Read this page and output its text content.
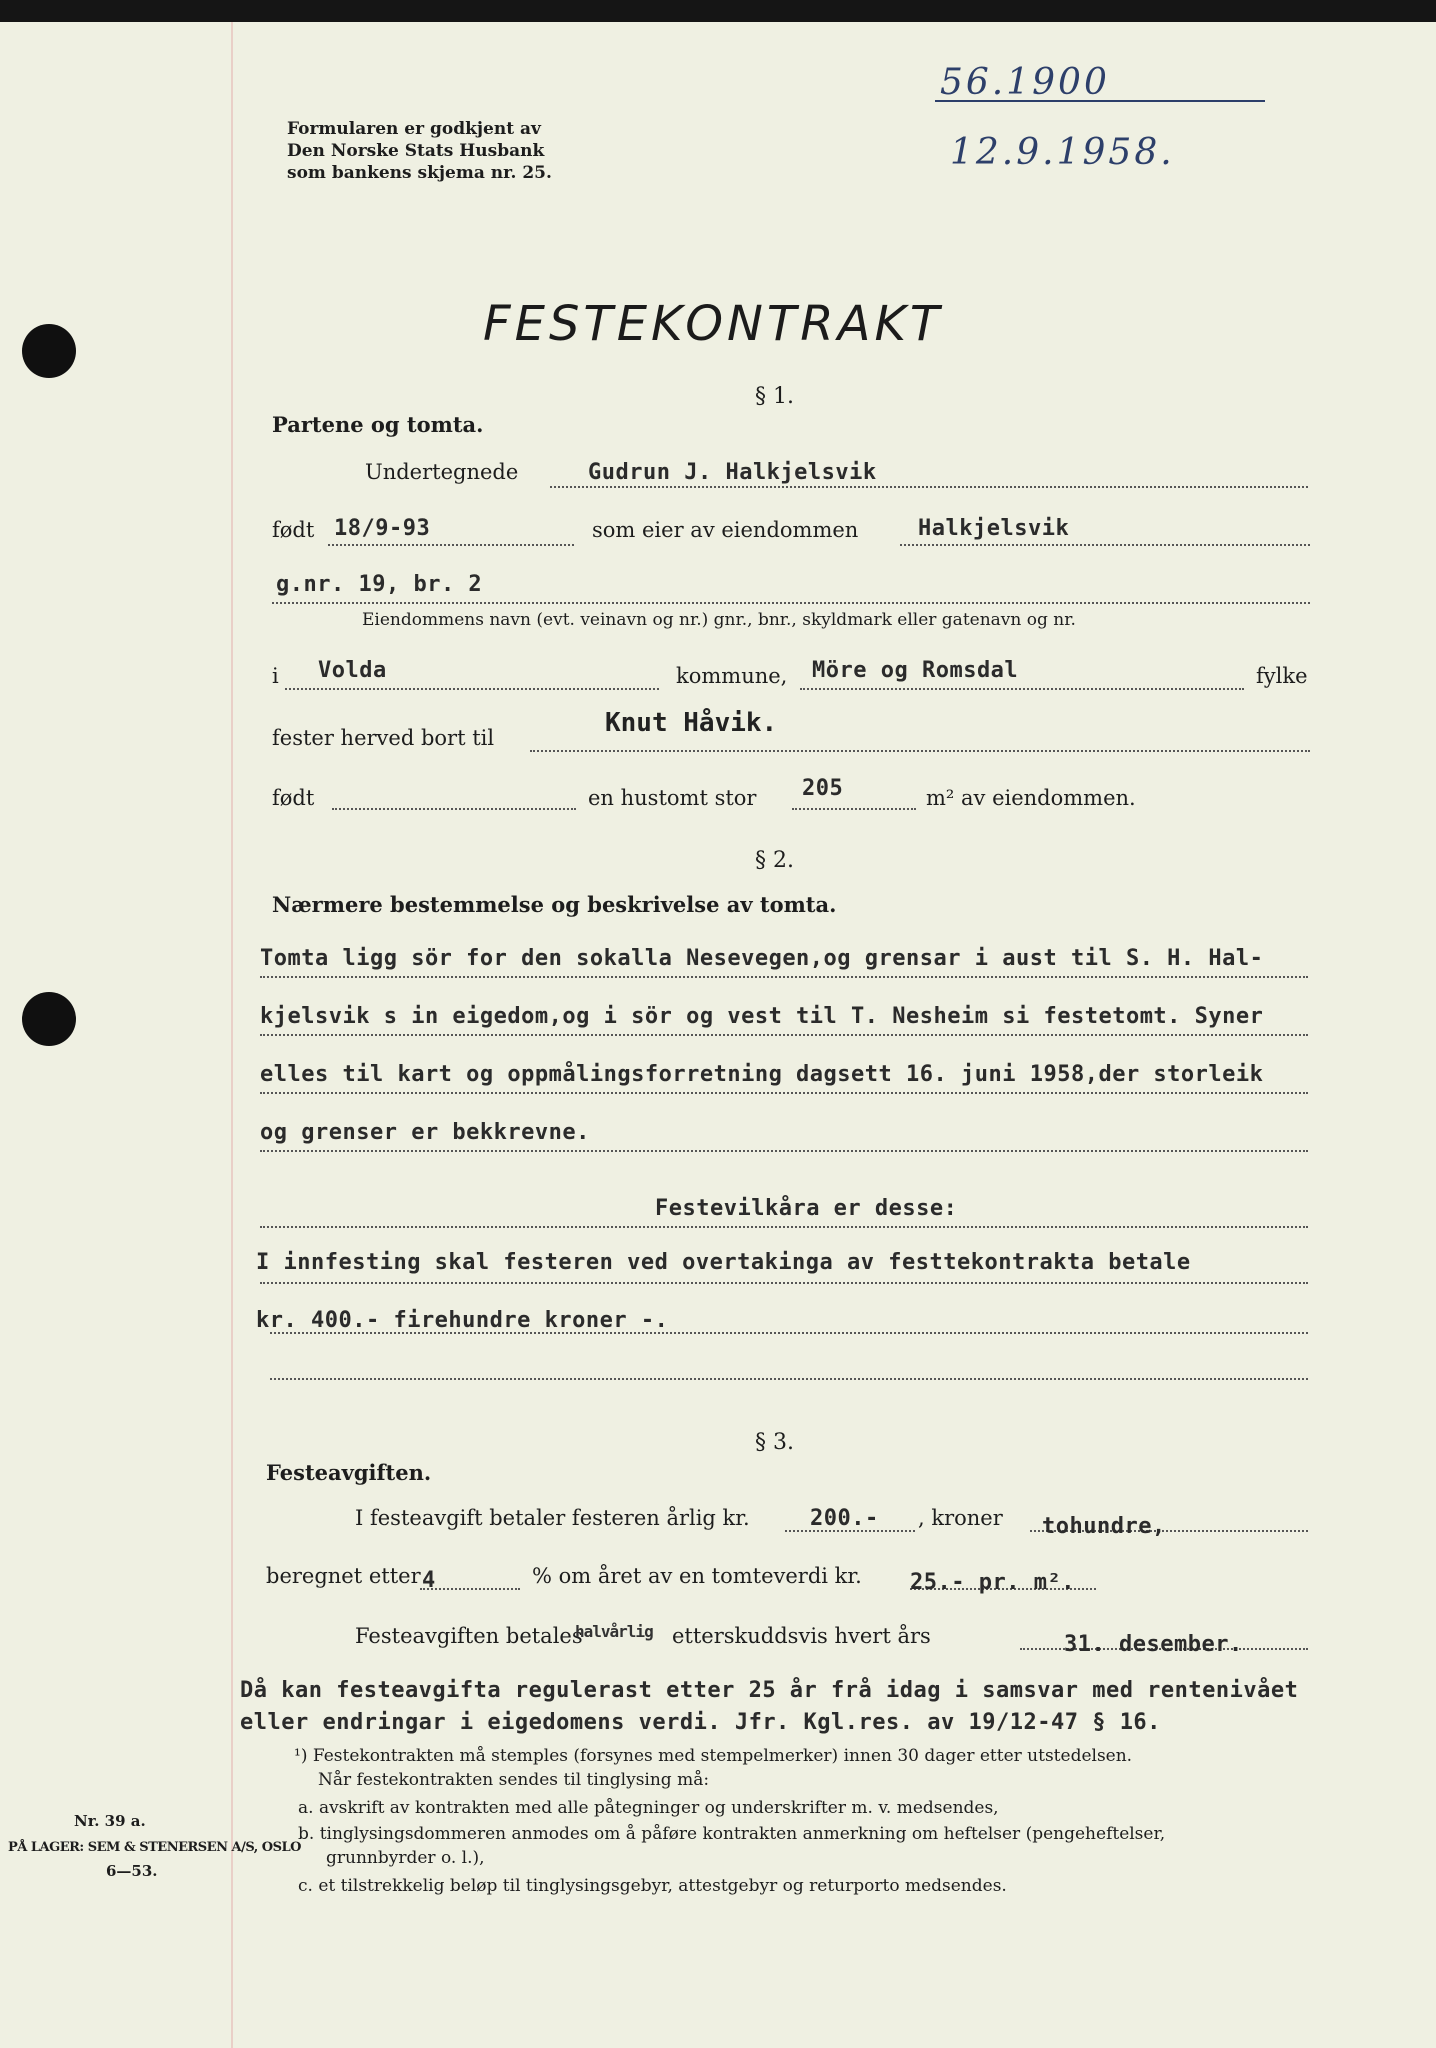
Formularen er godkjent av
Den Norske Stats Husbank
som bankens skjema nr. 25.
56.1900
12.9.1958.
FESTEKONTRAKT
§ 1.
Partene og tomta.
Undertegnede	Gudrun J. Halkjelsvik
født 18/9-93	som eier av eiendommen	Halkjelsvik
g.nr. 19, br. 2
Eiendommens navn (evt. veinavn og nr.) gnr., bnr., skyldmark eller gatenavn og nr.
i Volda	kommune, Möre og Romsdal	fylke
fester herved bort til	Knut Håvik.
født	en hustomt stor 205	m² av eiendommen.
§ 2.
Nærmere bestemmelse og beskrivelse av tomta.
Tomta ligg sör for den sokalla Nesevegen,og grensar i aust til S. H. Hal-
kjelsvik s in eigedom,og i sör og vest til T. Nesheim si festetomt. Syner
elles til kart og oppmålingsforretning dagsett 16. juni 1958,der storleik
og grenser er bekkrevne.
Festevilkåra er desse:
I innfesting skal festeren ved overtakinga av festtekontrakta betale
kr. 400.- firehundre kroner -.
§ 3.
Festeavgiften.
I festeavgift betaler festeren årlig kr.	200.- , kroner tohundre,
beregnet etter 4	% om året av en tomteverdi kr. 25.- pr. m².
Festeavgiften betales
halvårlig etterskuddsvis hvert års	31. desember.
Då kan festeavgifta regulerast etter 25 år frå idag i samsvar med rentenivået
eller endringar i eigedomens verdi. Jfr. Kgl.res. av 19/12-47 § 16.
¹) Festekontrakten må stemples (forsynes med stempelmerker) innen 30 dager etter utstedelsen.
Når festekontrakten sendes til tinglysing må:
a. avskrift av kontrakten med alle påtegninger og underskrifter m. v. medsendes,
b. tinglysingsdommeren anmodes om å påføre kontrakten anmerkning om heftelser (pengeheftelser,
grunnbyrder o. l.),
c. et tilstrekkelig beløp til tinglysingsgebyr, attestgebyr og returporto medsendes.
Nr. 39 a.
PÅ LAGER: SEM & STENERSEN A/S, OSLO
6—53.
